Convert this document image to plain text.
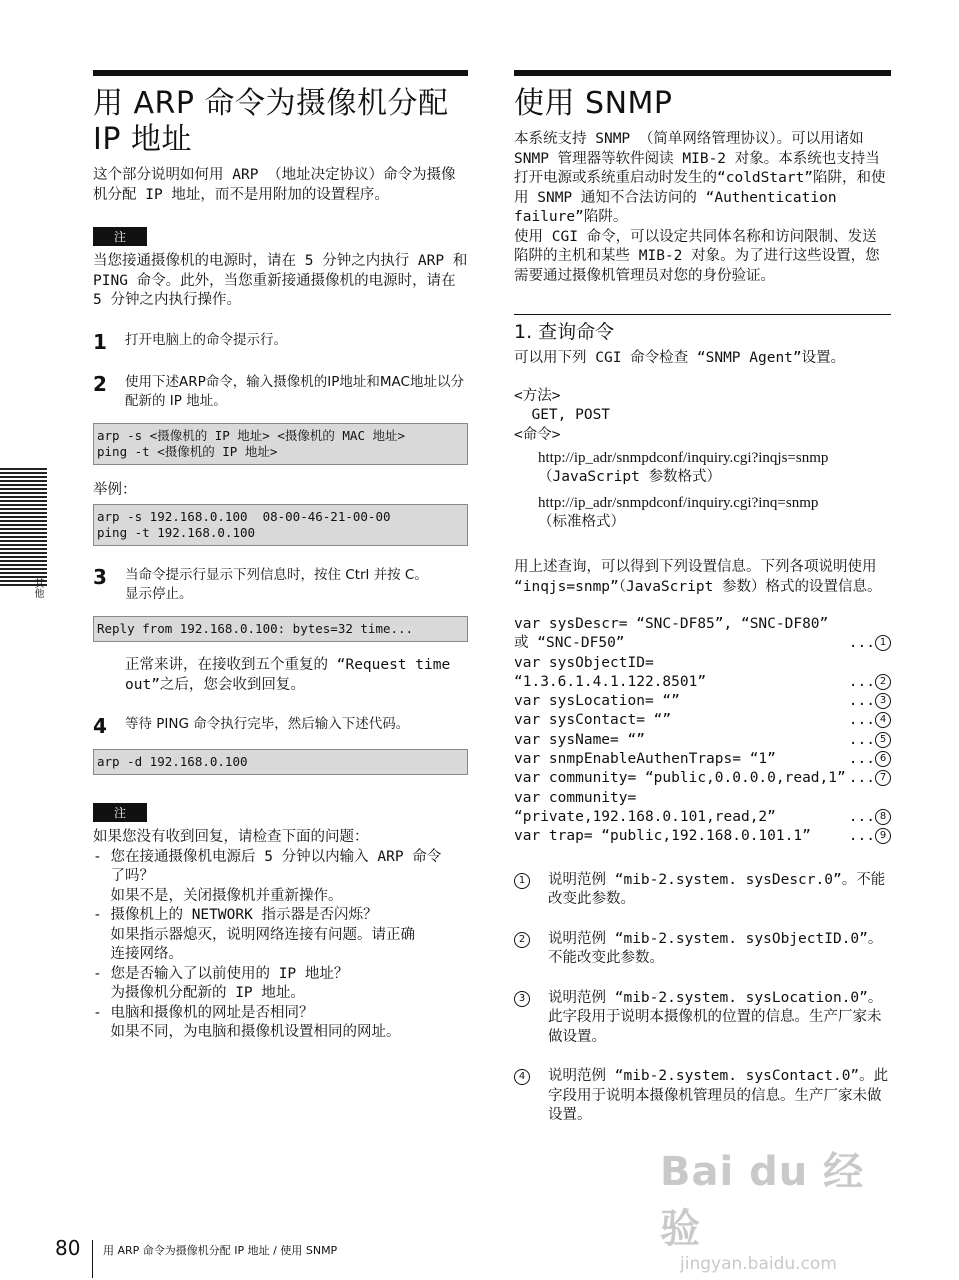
用 ARP 命令为摄像机分配
IP 地址

这个部分说明如何用 ARP （地址决定协议）命令为摄像机分配 IP 地址，而不是用附加的设置程序。

注

当您接通摄像机的电源时，请在 5 分钟之内执行 ARP 和 PING 命令。此外，当您重新接通摄像机的电源时，请在 5 分钟之内执行操作。

1	打开电脑上的命令提示行。
2	使用下述ARP命令，输入摄像机的IP地址和MAC地址以分配新的 IP 地址。
arp -s <摄像机的 IP 地址> <摄像机的 MAC 地址>
ping -t <摄像机的 IP 地址>

举例：

arp -s 192.168.0.100  08-00-46-21-00-00
ping -t 192.168.0.100
3	当命令提示行显示下列信息时，按住 Ctrl 并按 C。
显示停止。
Reply from 192.168.0.100: bytes=32 time...

正常来讲，在接收到五个重复的 “Request time out”之后，您会收到回复。

4	等待 PING 命令执行完毕，然后输入下述代码。
arp -d 192.168.0.100
注
如果您没有收到回复，请检查下面的问题：
- 您在接通摄像机电源后 5 分钟以内输入 ARP 命令
了吗？
如果不是，关闭摄像机并重新操作。
- 摄像机上的 NETWORK 指示器是否闪烁？
如果指示器熄灭，说明网络连接有问题。请正确
连接网络。
- 您是否输入了以前使用的 IP 地址？
为摄像机分配新的 IP 地址。
- 电脑和摄像机的网址是否相同？
如果不同，为电脑和摄像机设置相同的网址。
使用 SNMP

本系统支持 SNMP （简单网络管理协议）。可以用诸如 SNMP 管理器等软件阅读 MIB-2 对象。本系统也支持当打开电源或系统重启动时发生的“coldStart”陷阱，和使用 SNMP 通知不合法访问的 “Authentication failure”陷阱。

使用 CGI 命令，可以设定共同体名称和访问限制、发送陷阱的主机和某些 MIB-2 对象。为了进行这些设置，您需要通过摄像机管理员对您的身份验证。

1. 查询命令

可以用下列 CGI 命令检查 “SNMP Agent”设置。

<方法>
GET, POST
<命令>
http://ip_adr/snmpdconf/inquiry.cgi?inqjs=snmp
（JavaScript 参数格式）
http://ip_adr/snmpdconf/inquiry.cgi?inq=snmp
（标准格式）

用上述查询，可以得到下列设置信息。下列各项说明使用 “inqjs=snmp”（JavaScript 参数）格式的设置信息。

var sysDescr= “SNC-DF85”, “SNC-DF80”
或 “SNC-DF50”	... 1
var sysObjectID=
“1.3.6.1.4.1.122.8501”	... 2
var sysLocation= “”	... 3
var sysContact= “”	... 4
var sysName= “”	... 5
var snmpEnableAuthenTraps= “1”	... 6
var community= “public,0.0.0.0,read,1” ... 7
var community=
“private,192.168.0.101,read,2”	... 8
var trap= “public,192.168.0.101.1”	... 9
1	说明范例 “mib-2.system. sysDescr.0”。不能改变此参数。

2	说明范例 “mib-2.system. sysObjectID.0”。不能改变此参数。

3	说明范例 “mib-2.system. sysLocation.0”。此字段用于说明本摄像机的位置的信息。生产厂家未做设置。

4	说明范例 “mib-2.system. sysContact.0”。此字段用于说明本摄像机管理员的信息。生产厂家未做设置。

其他
80 用 ARP 命令为摄像机分配 IP 地址 / 使用 SNMP
Bai du 经验
jingyan.baidu.com
